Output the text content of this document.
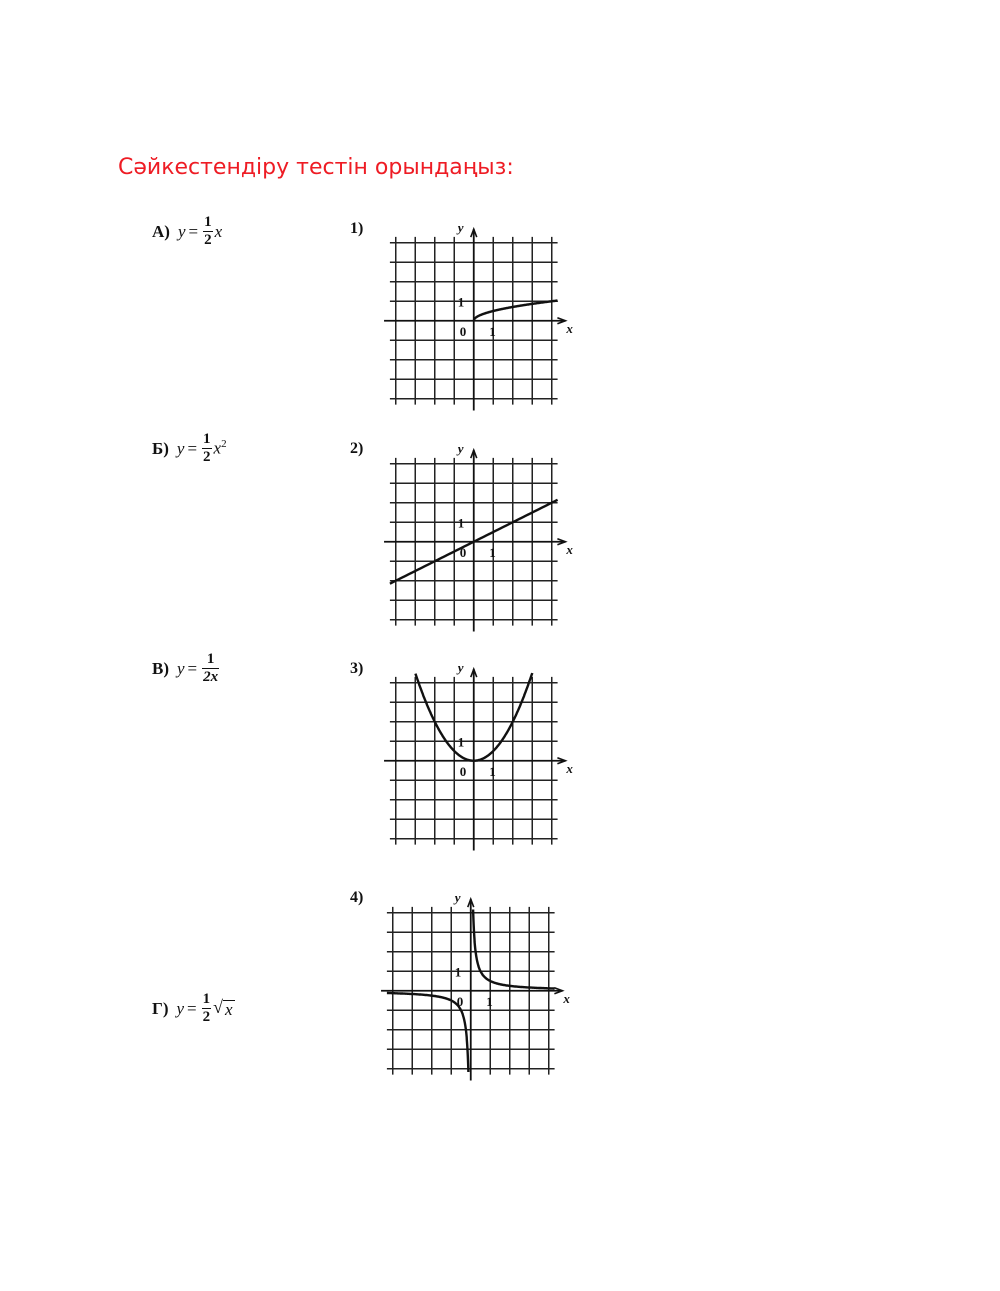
Сәйкестендіру тестін орындаңыз:
А) $y = \frac{1}{2}$ x
Б) $y = \frac{1}{2} x^2$
В) $y = \frac{1}{2x}$
Г) $y = \frac{1}{2}$ √ x
1)
2)
3)
4)
x
y
0 1
1
x
y
0 1
1
x
y
0 1
1
x
y
0 1
1
